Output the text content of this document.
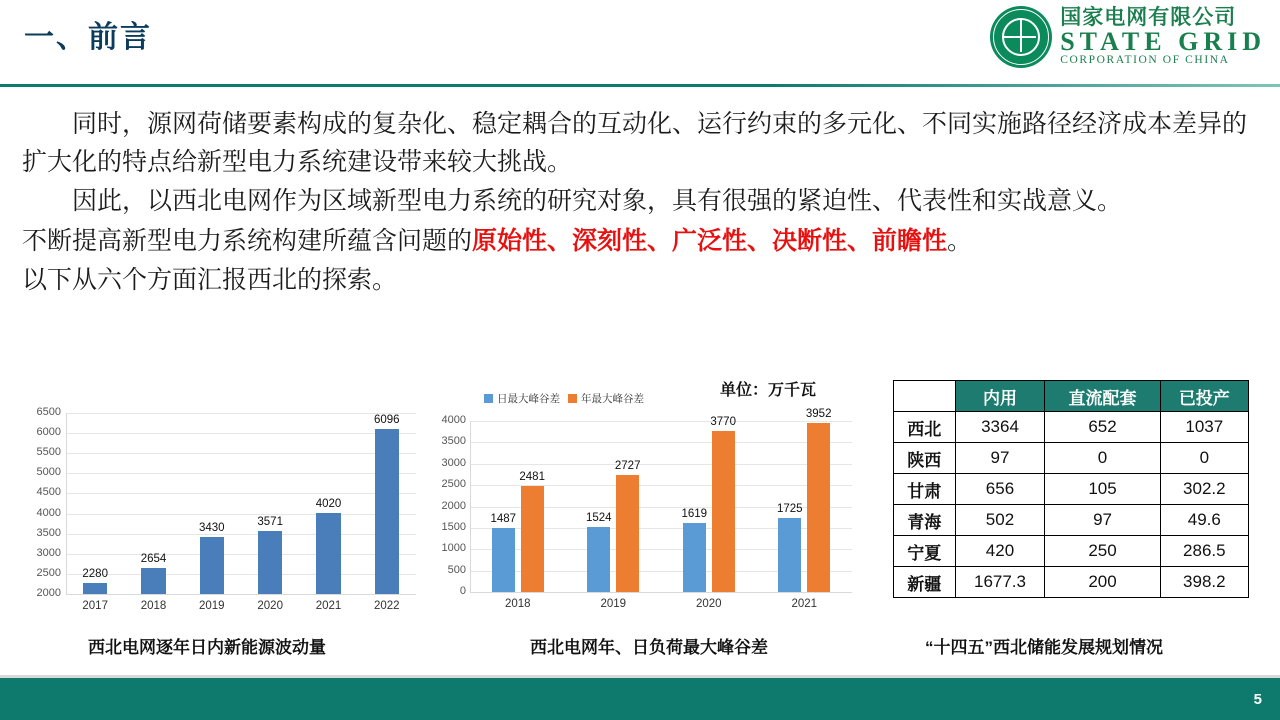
一、前言
国家电网有限公司
STATE GRID
CORPORATION OF CHINA

同时，源网荷储要素构成的复杂化、稳定耦合的互动化、运行约束的多元化、不同实施路径经济成本差异的扩大化的特点给新型电力系统建设带来较大挑战。

因此，以西北电网作为区域新型电力系统的研究对象，具有很强的紧迫性、代表性和实战意义。

不断提高新型电力系统构建所蕴含问题的原始性、深刻性、广泛性、决断性、前瞻性。

以下从六个方面汇报西北的探索。

单位：万千瓦
2000
2500
3000
3500
4000
4500
5000
5500
6000
6500
2280
2017
2654
2018
3430
2019
3571
2020
4020
2021
6096
2022
西北电网逐年日内新能源波动量
0
500
1000
1500
2000
2500
3000
3500
4000
日最大峰谷差 年最大峰谷差
1487
2481
2018
1524
2727
2019
1619
3770
2020
1725
3952
2021
西北电网年、日负荷最大峰谷差
	内用	直流配套	已投产
西北	3364	652	1037
陕西	97	0	0
甘肃	656	105	302.2
青海	502	97	49.6
宁夏	420	250	286.5
新疆	1677.3	200	398.2
“十四五”西北储能发展规划情况
5
